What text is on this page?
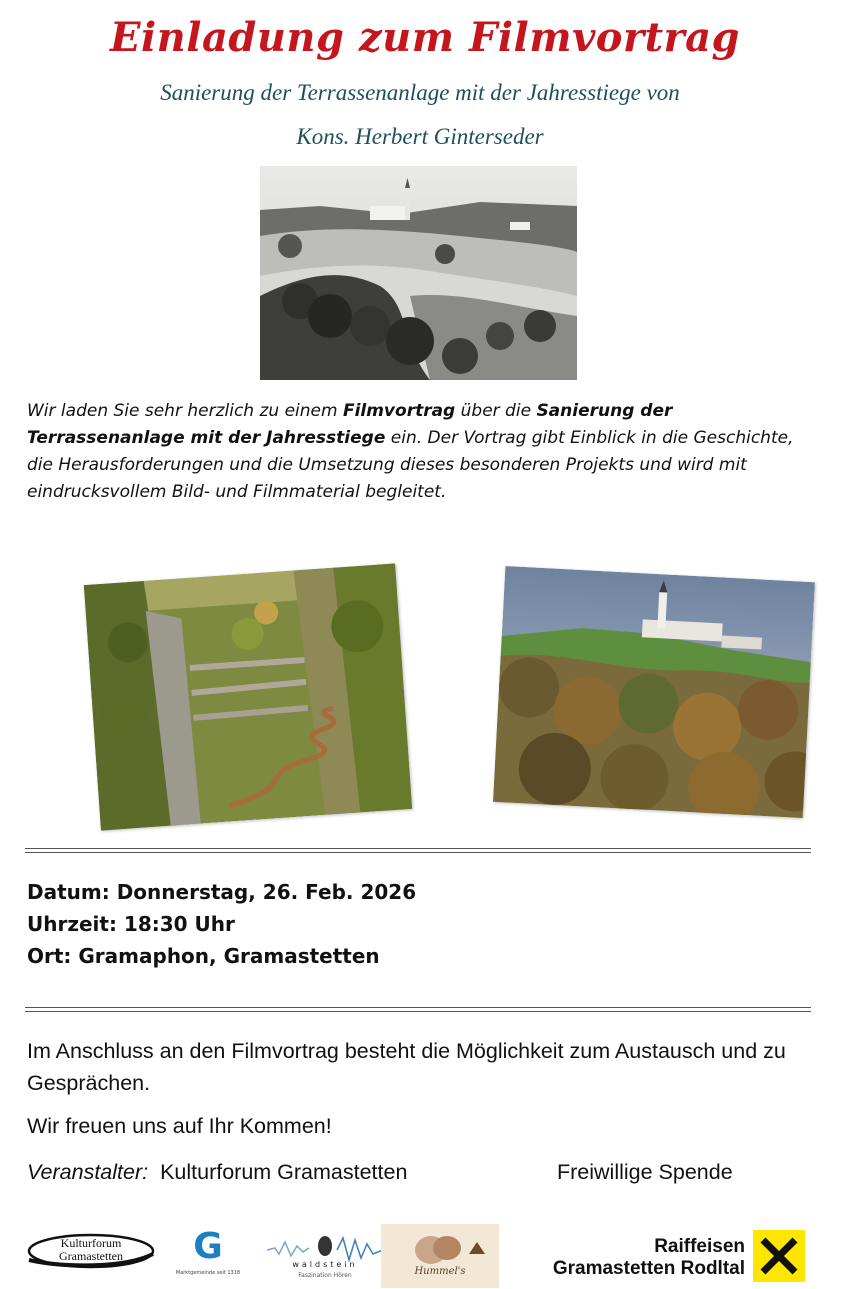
Einladung zum Filmvortrag
Sanierung der Terrassenanlage mit der Jahresstiege von
Kons. Herbert Ginterseder
Wir laden Sie sehr herzlich zu einem Filmvortrag über die Sanierung der Terrassenanlage mit der Jahresstiege ein. Der Vortrag gibt Einblick in die Geschichte, die Herausforderungen und die Umsetzung dieses besonderen Projekts und wird mit eindrucksvollem Bild- und Filmmaterial begleitet.
Datum: Donnerstag, 26. Feb. 2026
Uhrzeit: 18:30 Uhr
Ort: Gramaphon, Gramastetten
Im Anschluss an den Filmvortrag besteht die Möglichkeit zum Austausch und zu Gesprächen.
Wir freuen uns auf Ihr Kommen!
Veranstalter: Kulturforum Gramastetten	Freiwillige Spende
Kulturforum
Gramastetten	G
Marktgemeinde seit 1318
waldstein
Faszination Hören	Hummel's
Raiffeisen
Gramastetten Rodltal
